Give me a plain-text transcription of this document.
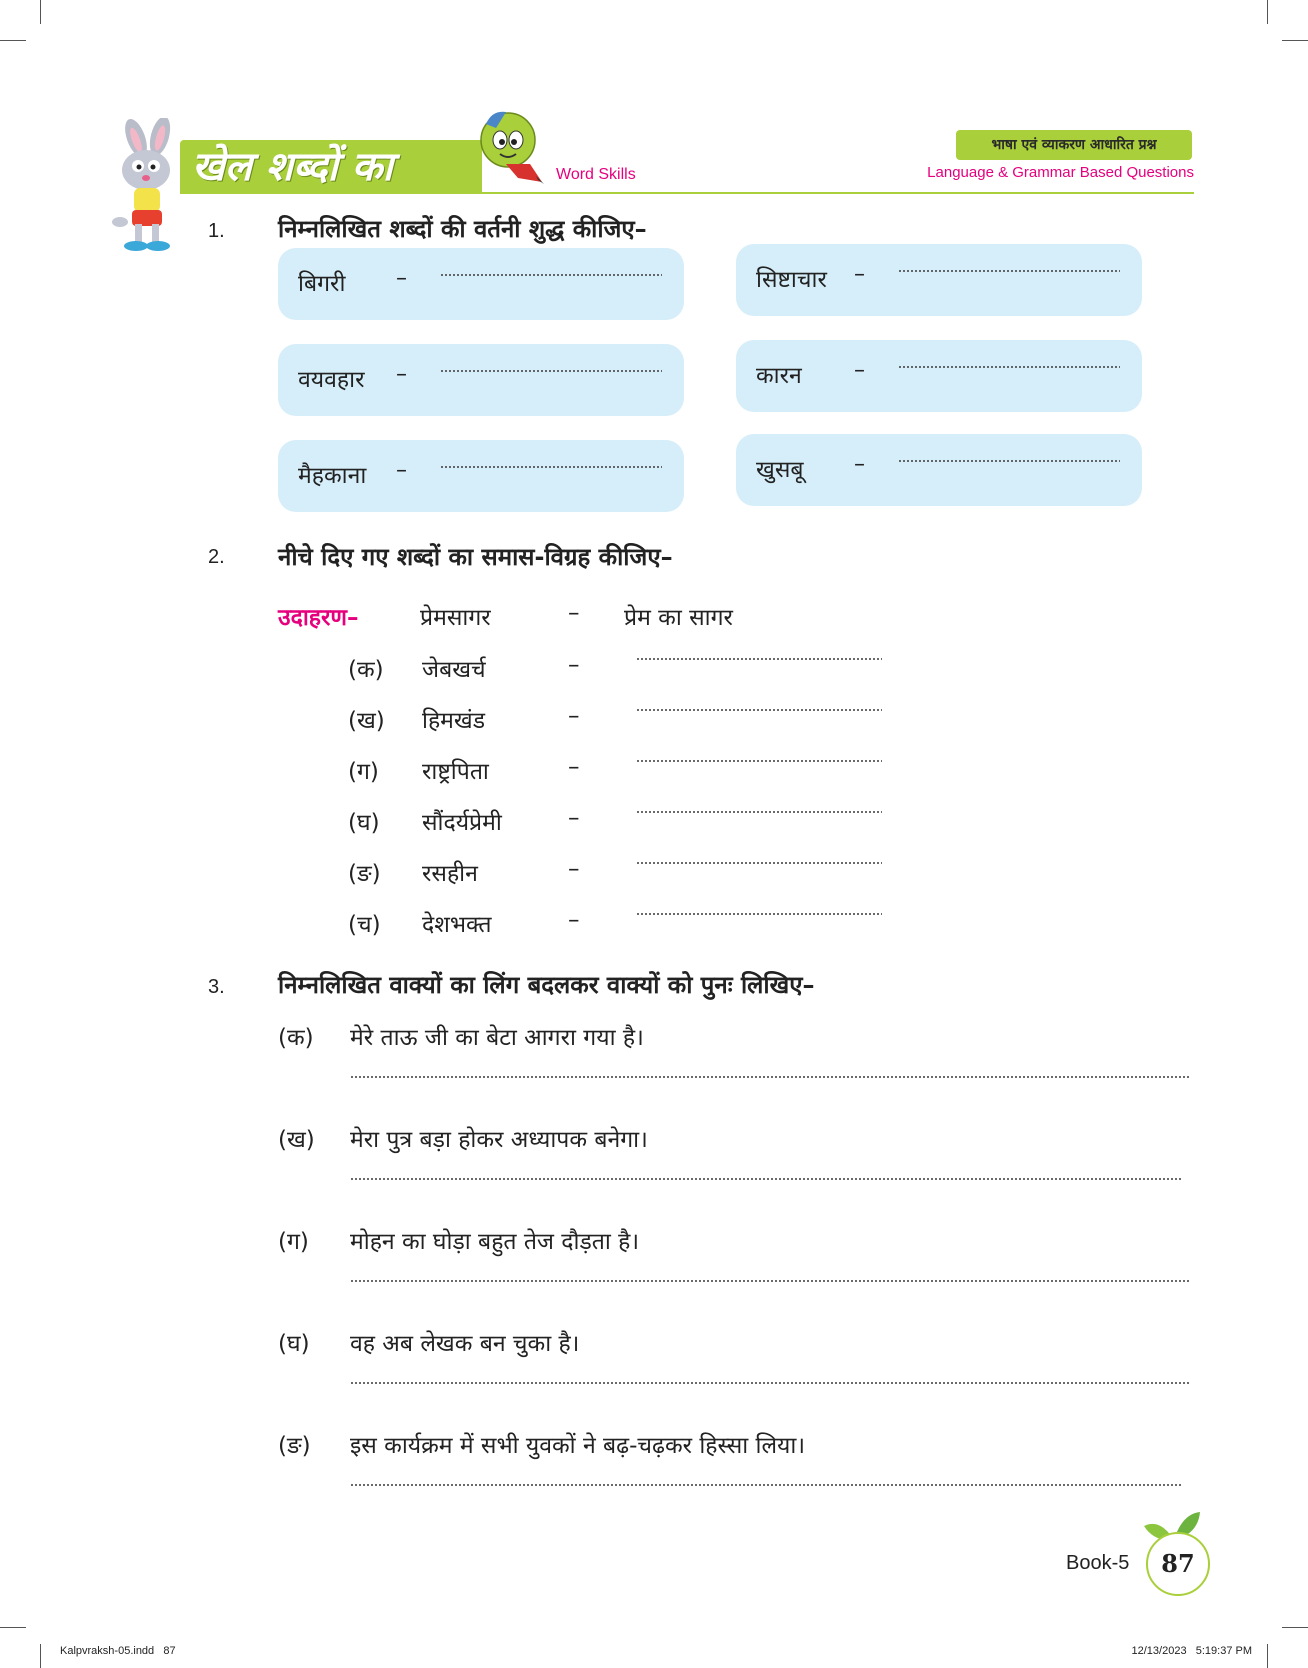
खेल शब्दों का	Word Skills
भाषा एवं व्याकरण आधारित प्रश्न
Language & Grammar Based Questions
1. निम्नलिखित शब्दों की वर्तनी शुद्ध कीजिए–
बिगरी –	सिष्टाचार –
वयवहार –	कारन –
मैहकाना –	खुसबू –
2. नीचे दिए गए शब्दों का समास-विग्रह कीजिए–
उदाहरण–	प्रेमसागर	– प्रेम का सागर
(क) जेबखर्च	–
(ख) हिमखंड	–
(ग) राष्ट्रपिता	–
(घ) सौंदर्यप्रेमी	–
(ङ) रसहीन	–
(च) देशभक्त	–
3. निम्नलिखित वाक्यों का लिंग बदलकर वाक्यों को पुनः लिखिए–
(क) मेरे ताऊ जी का बेटा आगरा गया है।
(ख) मेरा पुत्र बड़ा होकर अध्यापक बनेगा।
(ग) मोहन का घोड़ा बहुत तेज दौड़ता है।
(घ) वह अब लेखक बन चुका है।
(ङ) इस कार्यक्रम में सभी युवकों ने बढ़-चढ़कर हिस्सा लिया।
Book-5	87
Kalpvraksh-05.indd   87	12/13/2023   5:19:37 PM
